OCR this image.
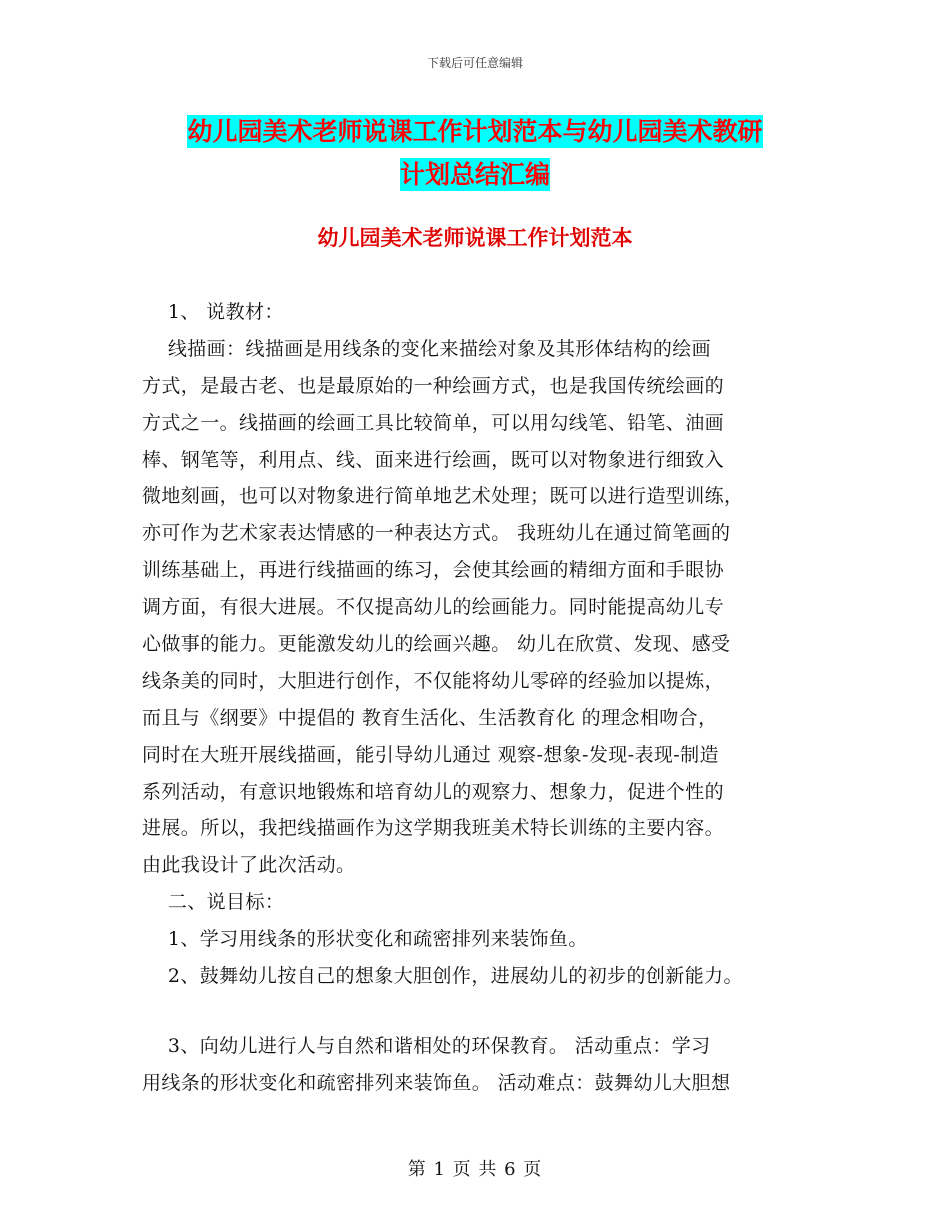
下载后可任意编辑
幼儿园美术老师说课工作计划范本与幼儿园美术教研
计划总结汇编
幼儿园美术老师说课工作计划范本
　 1、 说教材：
　 线描画：线描画是用线条的变化来描绘对象及其形体结构的绘画
方式，是最古老、也是最原始的一种绘画方式，也是我国传统绘画的
方式之一。线描画的绘画工具比较简单，可以用勾线笔、铅笔、油画
棒、钢笔等，利用点、线、面来进行绘画，既可以对物象进行细致入
微地刻画，也可以对物象进行简单地艺术处理；既可以进行造型训练，
亦可作为艺术家表达情感的一种表达方式。 我班幼儿在通过简笔画的
训练基础上，再进行线描画的练习，会使其绘画的精细方面和手眼协
调方面，有很大进展。不仅提高幼儿的绘画能力。同时能提高幼儿专
心做事的能力。更能激发幼儿的绘画兴趣。 幼儿在欣赏、发现、感受
线条美的同时，大胆进行创作，不仅能将幼儿零碎的经验加以提炼，
而且与《纲要》中提倡的 教育生活化、生活教育化 的理念相吻合，
同时在大班开展线描画，能引导幼儿通过 观察-想象-发现-表现-制造
系列活动，有意识地锻炼和培育幼儿的观察力、想象力，促进个性的
进展。所以，我把线描画作为这学期我班美术特长训练的主要内容。
由此我设计了此次活动。
　 二、说目标：
　 1、学习用线条的形状变化和疏密排列来装饰鱼。
　 2、鼓舞幼儿按自己的想象大胆创作，进展幼儿的初步的创新能力。
　 3、向幼儿进行人与自然和谐相处的环保教育。 活动重点：学习
用线条的形状变化和疏密排列来装饰鱼。 活动难点：鼓舞幼儿大胆想
第 1 页 共 6 页
